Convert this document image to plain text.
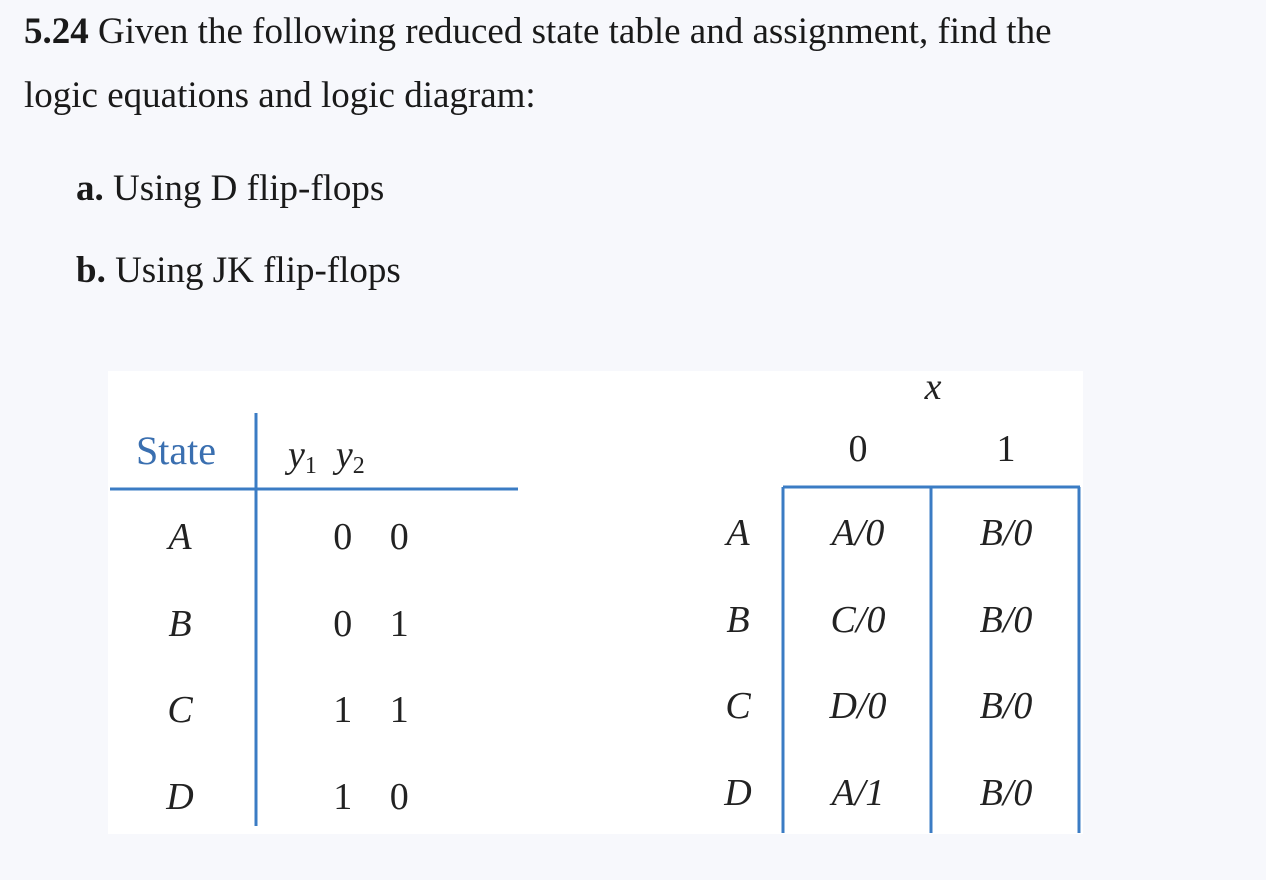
5.24 Given the following reduced state table and assignment, find the
logic equations and logic diagram:
a. Using D flip-flops
b. Using JK flip-flops
State $y_1$ $y_2$
A	0 0
B	0 1
C	1 1
D	1 0
x
0	1
A A/0	B/0
B C/0 B/0
C D/0 B/0
D A/1	B/0
